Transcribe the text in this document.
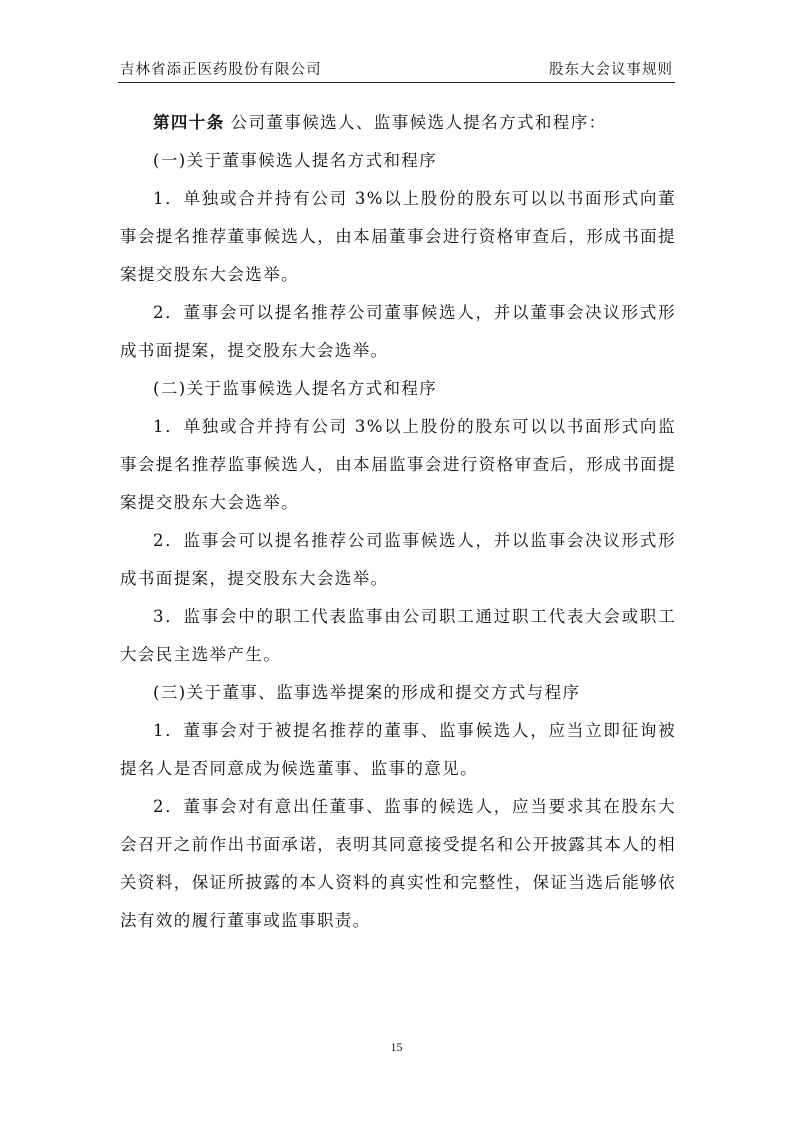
吉林省添正医药股份有限公司	股东大会议事规则

第四十条 公司董事候选人、监事候选人提名方式和程序：

(一)关于董事候选人提名方式和程序

1．单独或合并持有公司 3%以上股份的股东可以以书面形式向董事会提名推荐董事候选人，由本届董事会进行资格审查后，形成书面提案提交股东大会选举。

2．董事会可以提名推荐公司董事候选人，并以董事会决议形式形成书面提案，提交股东大会选举。

(二)关于监事候选人提名方式和程序

1．单独或合并持有公司 3%以上股份的股东可以以书面形式向监事会提名推荐监事候选人，由本届监事会进行资格审查后，形成书面提案提交股东大会选举。

2．监事会可以提名推荐公司监事候选人，并以监事会决议形式形成书面提案，提交股东大会选举。

3．监事会中的职工代表监事由公司职工通过职工代表大会或职工大会民主选举产生。

(三)关于董事、监事选举提案的形成和提交方式与程序

1．董事会对于被提名推荐的董事、监事候选人，应当立即征询被提名人是否同意成为候选董事、监事的意见。

2．董事会对有意出任董事、监事的候选人，应当要求其在股东大会召开之前作出书面承诺，表明其同意接受提名和公开披露其本人的相关资料，保证所披露的本人资料的真实性和完整性，保证当选后能够依法有效的履行董事或监事职责。

15
